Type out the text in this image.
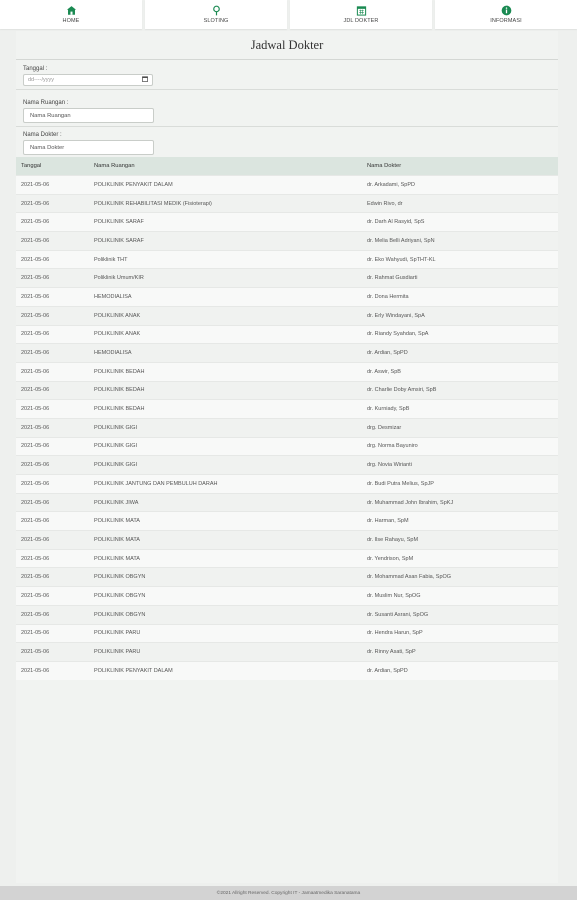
HOME	SLOTING	JDL DOKTER	INFORMASI
Jadwal Dokter
Tanggal :
dd----/yyyy
Nama Ruangan :
Nama Ruangan
Nama Dokter :
Nama Dokter
Tanggal	Nama Ruangan	Nama Dokter
2021-05-06	POLIKLINIK PENYAKIT DALAM	dr. Arkadami, SpPD
2021-05-06	POLIKLINIK REHABILITASI MEDIK (Fisioterapi)	Edwin Rivo, dr
2021-05-06	POLIKLINIK SARAF	dr. Darh Al Rasyid, SpS
2021-05-06	POLIKLINIK SARAF	dr. Melia Belli Adriyani, SpN
2021-05-06	Poliklinik THT	dr. Eko Wahyudi, SpTHT-KL
2021-05-06	Poliklinik Umum/KIR	dr. Rahmat Gusdiarti
2021-05-06	HEMODIALISA	dr. Dona Hermita
2021-05-06	POLIKLINIK ANAK	dr. Erly Windayani, SpA
2021-05-06	POLIKLINIK ANAK	dr. Riandy Syahdan, SpA
2021-05-06	HEMODIALISA	dr. Ardian, SpPD
2021-05-06	POLIKLINIK BEDAH	dr. Aswir, SpB
2021-05-06	POLIKLINIK BEDAH	dr. Charlie Doby Amsiri, SpB
2021-05-06	POLIKLINIK BEDAH	dr. Kurniady, SpB
2021-05-06	POLIKLINIK GIGI	drg. Desmizar
2021-05-06	POLIKLINIK GIGI	drg. Norma Bayuniro
2021-05-06	POLIKLINIK GIGI	drg. Novia Wirianti
2021-05-06	POLIKLINIK JANTUNG DAN PEMBULUH DARAH	dr. Budi Putra Melius, SpJP
2021-05-06	POLIKLINIK JIWA	dr. Muhammad John Ibrahim, SpKJ
2021-05-06	POLIKLINIK MATA	dr. Harman, SpM
2021-05-06	POLIKLINIK MATA	dr. Ilse Rahayu, SpM
2021-05-06	POLIKLINIK MATA	dr. Yendrison, SpM
2021-05-06	POLIKLINIK OBGYN	dr. Mohammad Asan Fabia, SpOG
2021-05-06	POLIKLINIK OBGYN	dr. Muslim Nur, SpOG
2021-05-06	POLIKLINIK OBGYN	dr. Susanti Asrani, SpOG
2021-05-06	POLIKLINIK PARU	dr. Hendra Harun, SpP
2021-05-06	POLIKLINIK PARU	dr. Rinny Asati, SpP
2021-05-06	POLIKLINIK PENYAKIT DALAM	dr. Ardian, SpPD
©2021 Allright Reserved. Copyright IT - Jamaatmedika Saranatama
